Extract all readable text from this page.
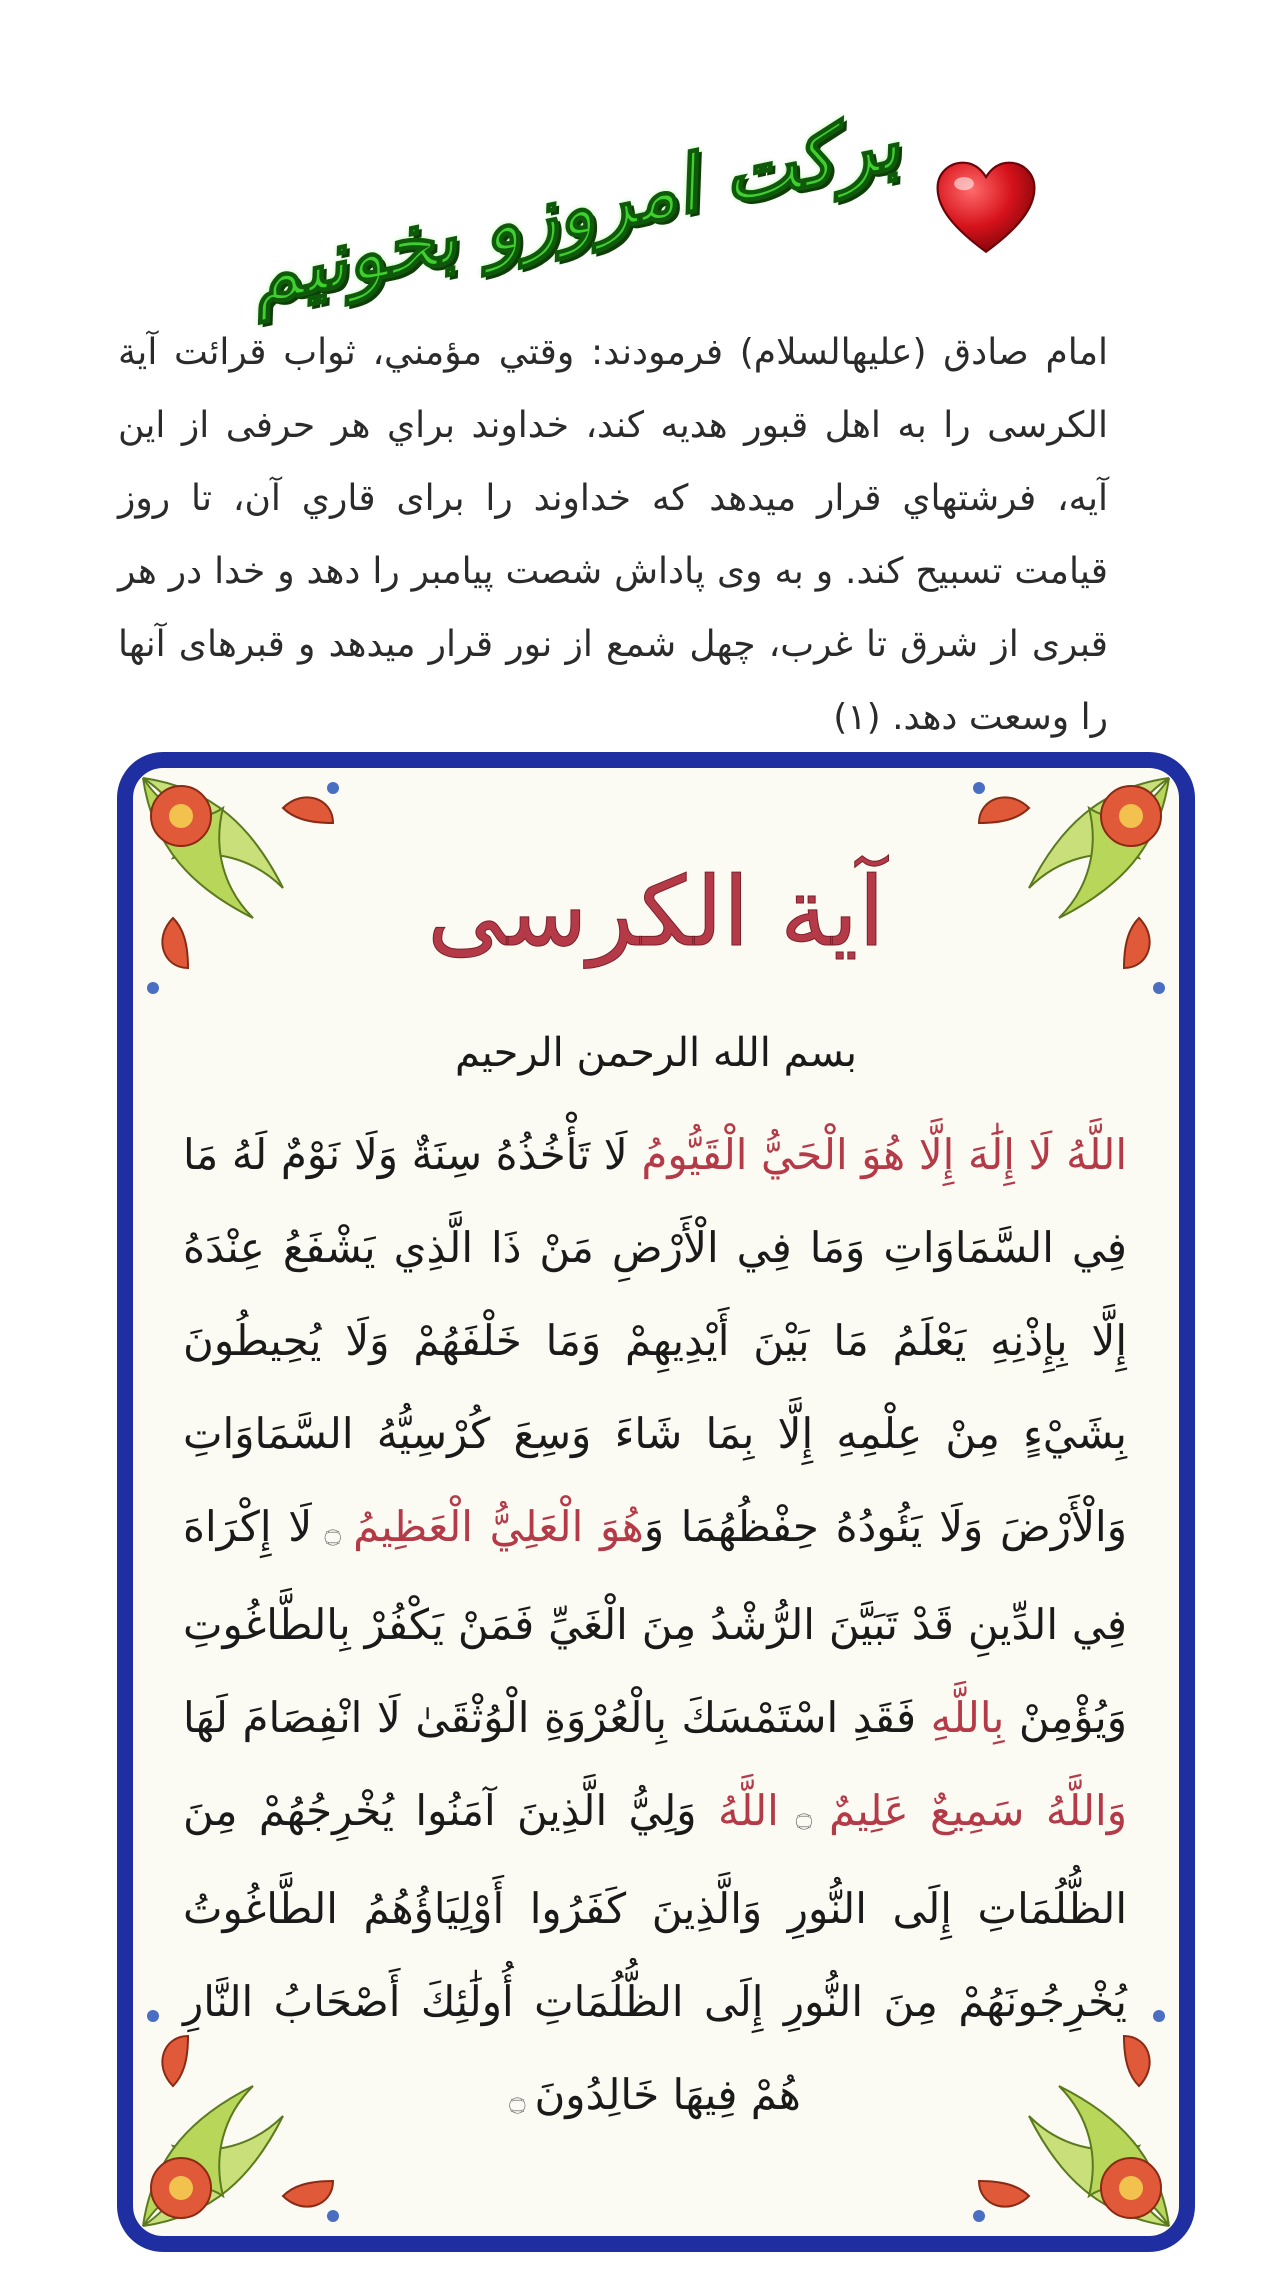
برکت امروزو بخونیم
امام صادق (عليهالسلام) فرمودند: وقتي مؤمني، ثواب قرائت آية الكرسی را به اهل قبور هديه كند، خداوند براي هر حرفی از اين آيه، فرشتهاي قرار ميدهد كه خداوند را برای قاري آن، تا روز قيامت تسبيح كند. و به وی پاداش شصت پيامبر را دهد و خدا در هر قبری از شرق تا غرب، چهل شمع از نور قرار ميدهد و قبرهای آنها را وسعت دهد. (۱)
آیة الکرسی
بسم الله الرحمن الرحیم
اللَّهُ لَا إِلَٰهَ إِلَّا هُوَ الْحَيُّ الْقَيُّومُ لَا تَأْخُذُهُ سِنَةٌ وَلَا نَوْمٌ لَهُ مَا فِي السَّمَاوَاتِ وَمَا فِي الْأَرْضِ مَنْ ذَا الَّذِي يَشْفَعُ عِنْدَهُ إِلَّا بِإِذْنِهِ يَعْلَمُ مَا بَيْنَ أَيْدِيهِمْ وَمَا خَلْفَهُمْ وَلَا يُحِيطُونَ بِشَيْءٍ مِنْ عِلْمِهِ إِلَّا بِمَا شَاءَ وَسِعَ كُرْسِيُّهُ السَّمَاوَاتِ وَالْأَرْضَ وَلَا يَئُودُهُ حِفْظُهُمَا وَهُوَ الْعَلِيُّ الْعَظِيمُ ۝ لَا إِكْرَاهَ فِي الدِّينِ قَدْ تَبَيَّنَ الرُّشْدُ مِنَ الْغَيِّ فَمَنْ يَكْفُرْ بِالطَّاغُوتِ وَيُؤْمِنْ بِاللَّهِ فَقَدِ اسْتَمْسَكَ بِالْعُرْوَةِ الْوُثْقَىٰ لَا انْفِصَامَ لَهَا وَاللَّهُ سَمِيعٌ عَلِيمٌ ۝ اللَّهُ وَلِيُّ الَّذِينَ آمَنُوا يُخْرِجُهُمْ مِنَ الظُّلُمَاتِ إِلَى النُّورِ وَالَّذِينَ كَفَرُوا أَوْلِيَاؤُهُمُ الطَّاغُوتُ يُخْرِجُونَهُمْ مِنَ النُّورِ إِلَى الظُّلُمَاتِ أُولَٰئِكَ أَصْحَابُ النَّارِ هُمْ فِيهَا خَالِدُونَ ۝
